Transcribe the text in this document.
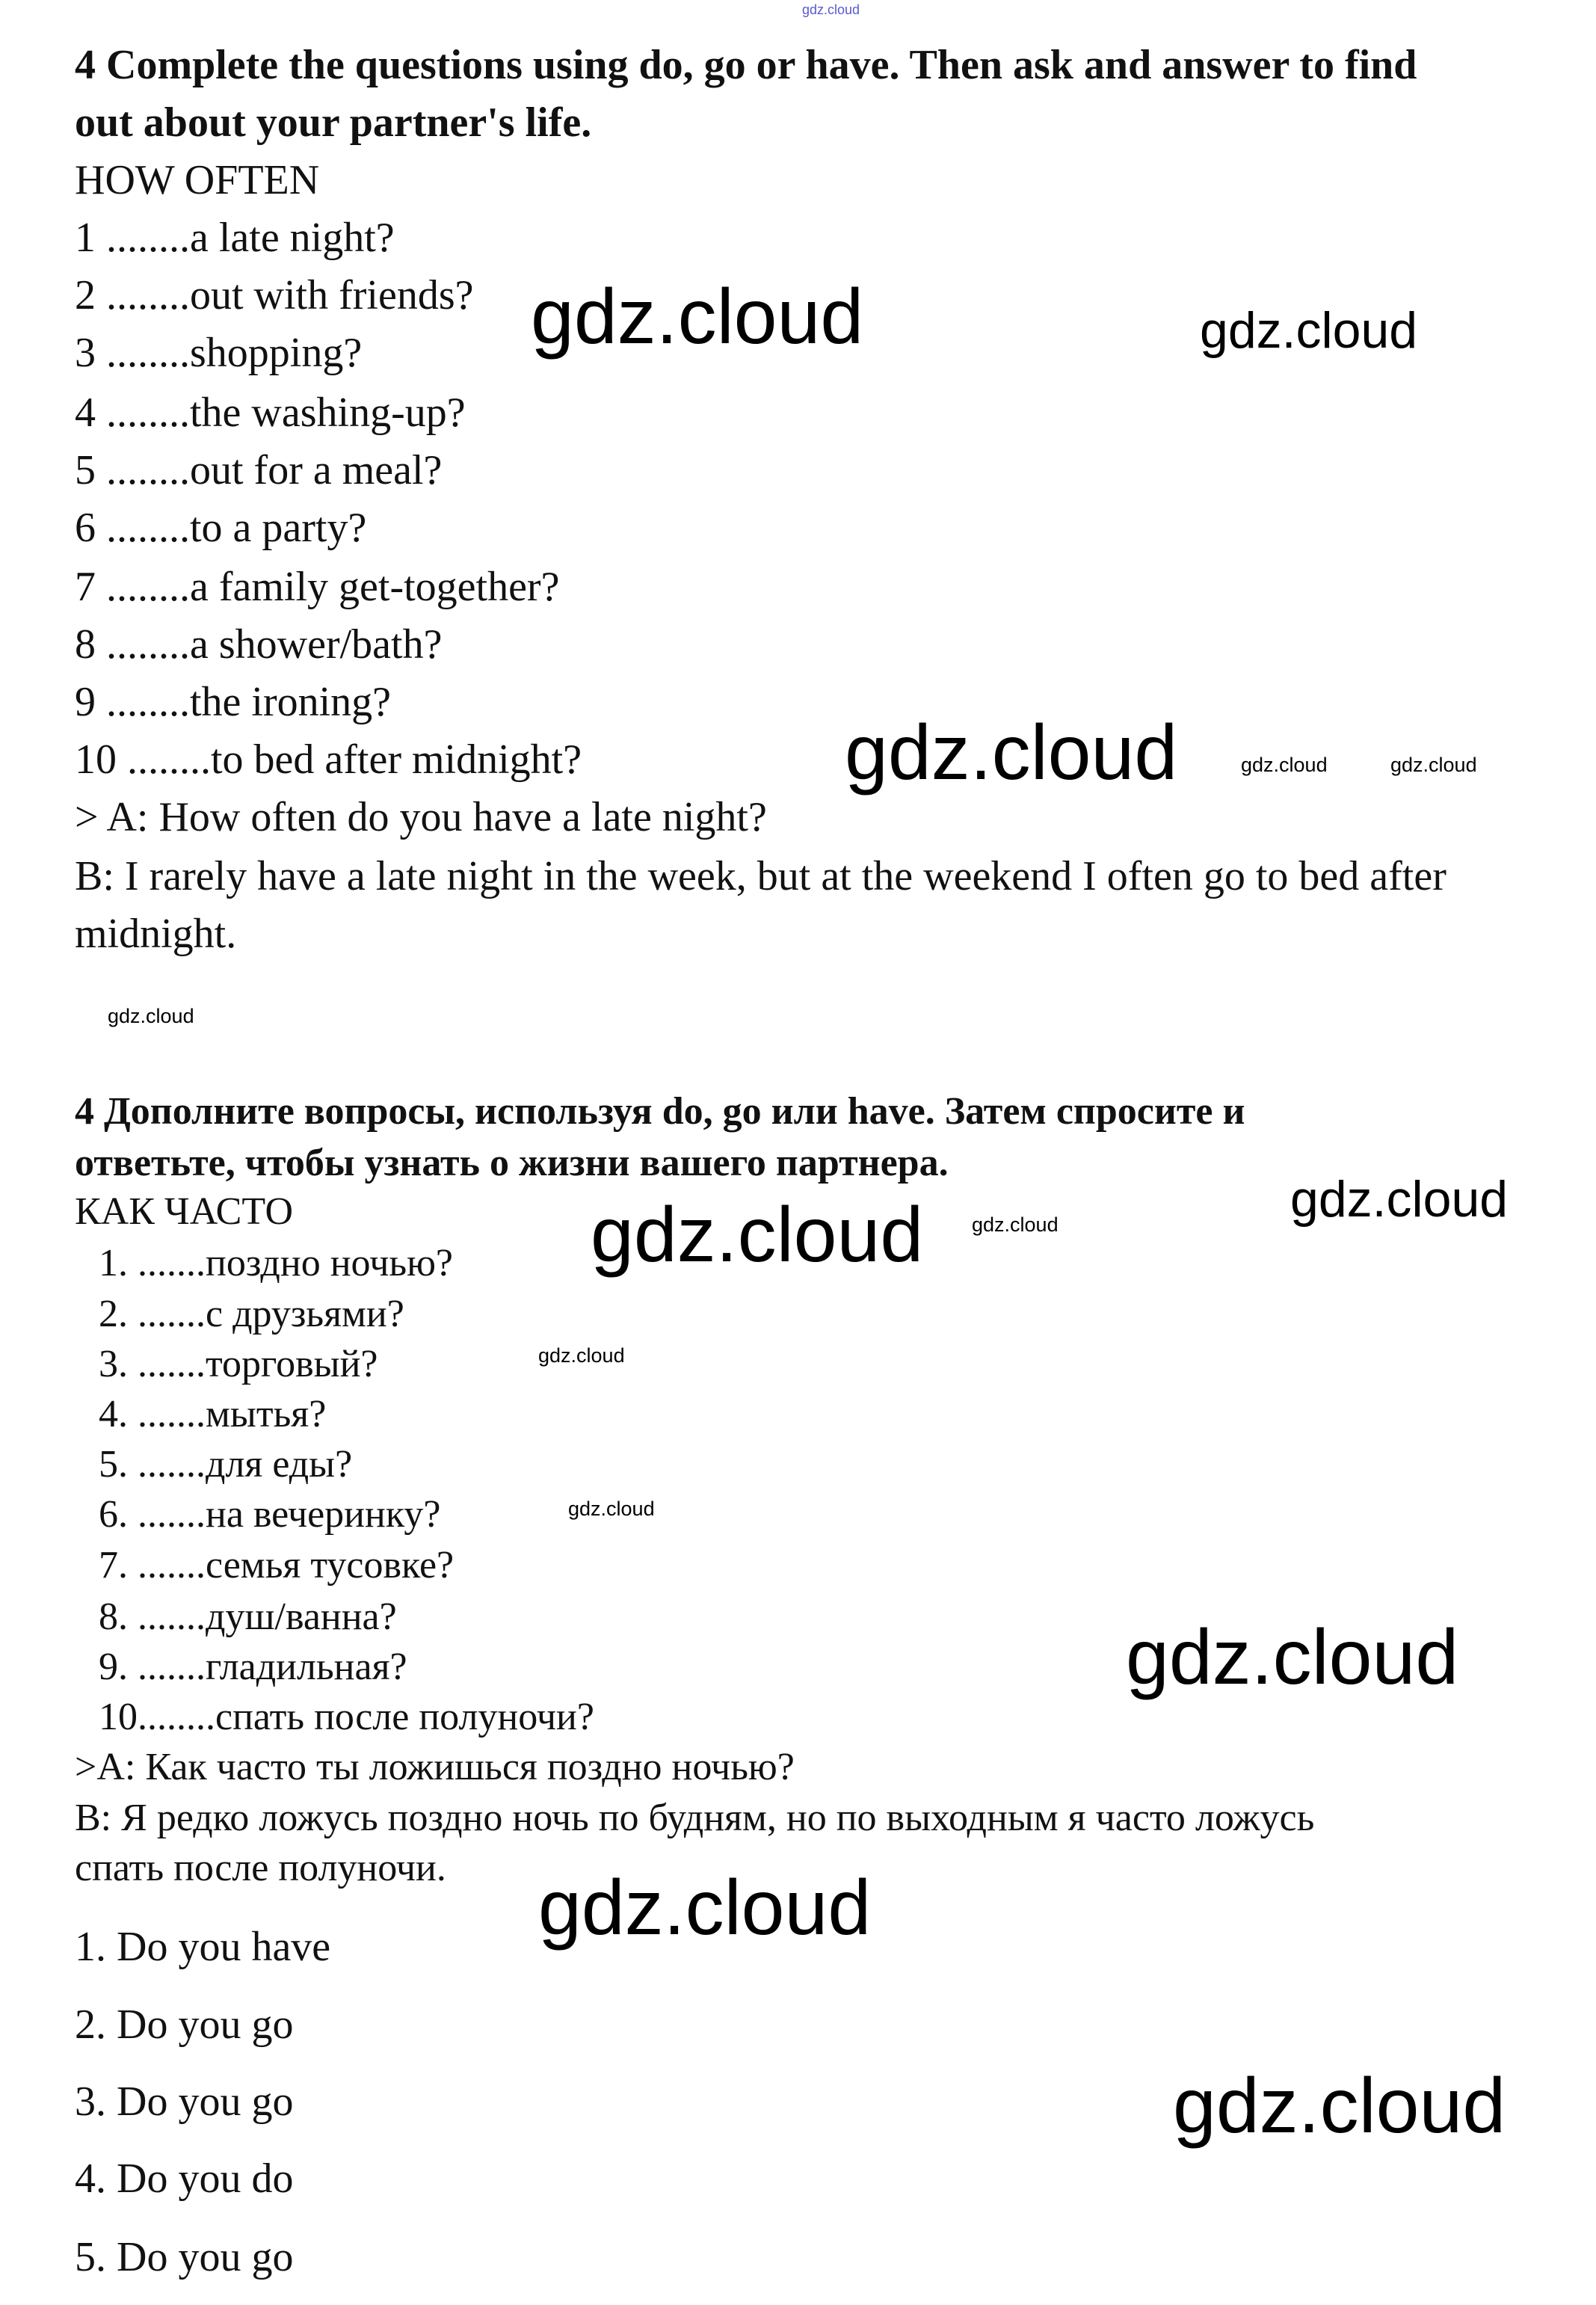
4 Complete the questions using do, go or have. Then ask and answer to find
out about your partner's life.
HOW OFTEN
1 ........a late night?
2 ........out with friends?
3 ........shopping?
4 ........the washing-up?
5 ........out for a meal?
6 ........to a party?
7 ........a family get-together?
8 ........a shower/bath?
9 ........the ironing?
10 ........to bed after midnight?
> A: How often do you have a late night?
B: I rarely have a late night in the week, but at the weekend I often go to bed after
midnight.
4 Дополните вопросы, используя do, go или have. Затем спросите и
ответьте, чтобы узнать о жизни вашего партнера.
КАК ЧАСТО
1. .......поздно ночью?
2. .......с друзьями?
3. .......торговый?
4. .......мытья?
5. .......для еды?
6. .......на вечеринку?
7. .......семья тусовке?
8. .......душ/ванна?
9. .......гладильная?
10........спать после полуночи?
>A: Как часто ты ложишься поздно ночью?
B: Я редко ложусь поздно ночь по будням, но по выходным я часто ложусь
спать после полуночи.
1. Do you have
2. Do you go
3. Do you go
4. Do you do
5. Do you go
gdz.cloud
gdz.cloud	gdz.cloud
gdz.cloud
gdz.cloud	gdz.cloud
gdz.cloud
gdz.cloud
gdz.cloud
gdz.cloud	gdz.cloud
gdz.cloud
gdz.cloud
gdz.cloud
gdz.cloud
